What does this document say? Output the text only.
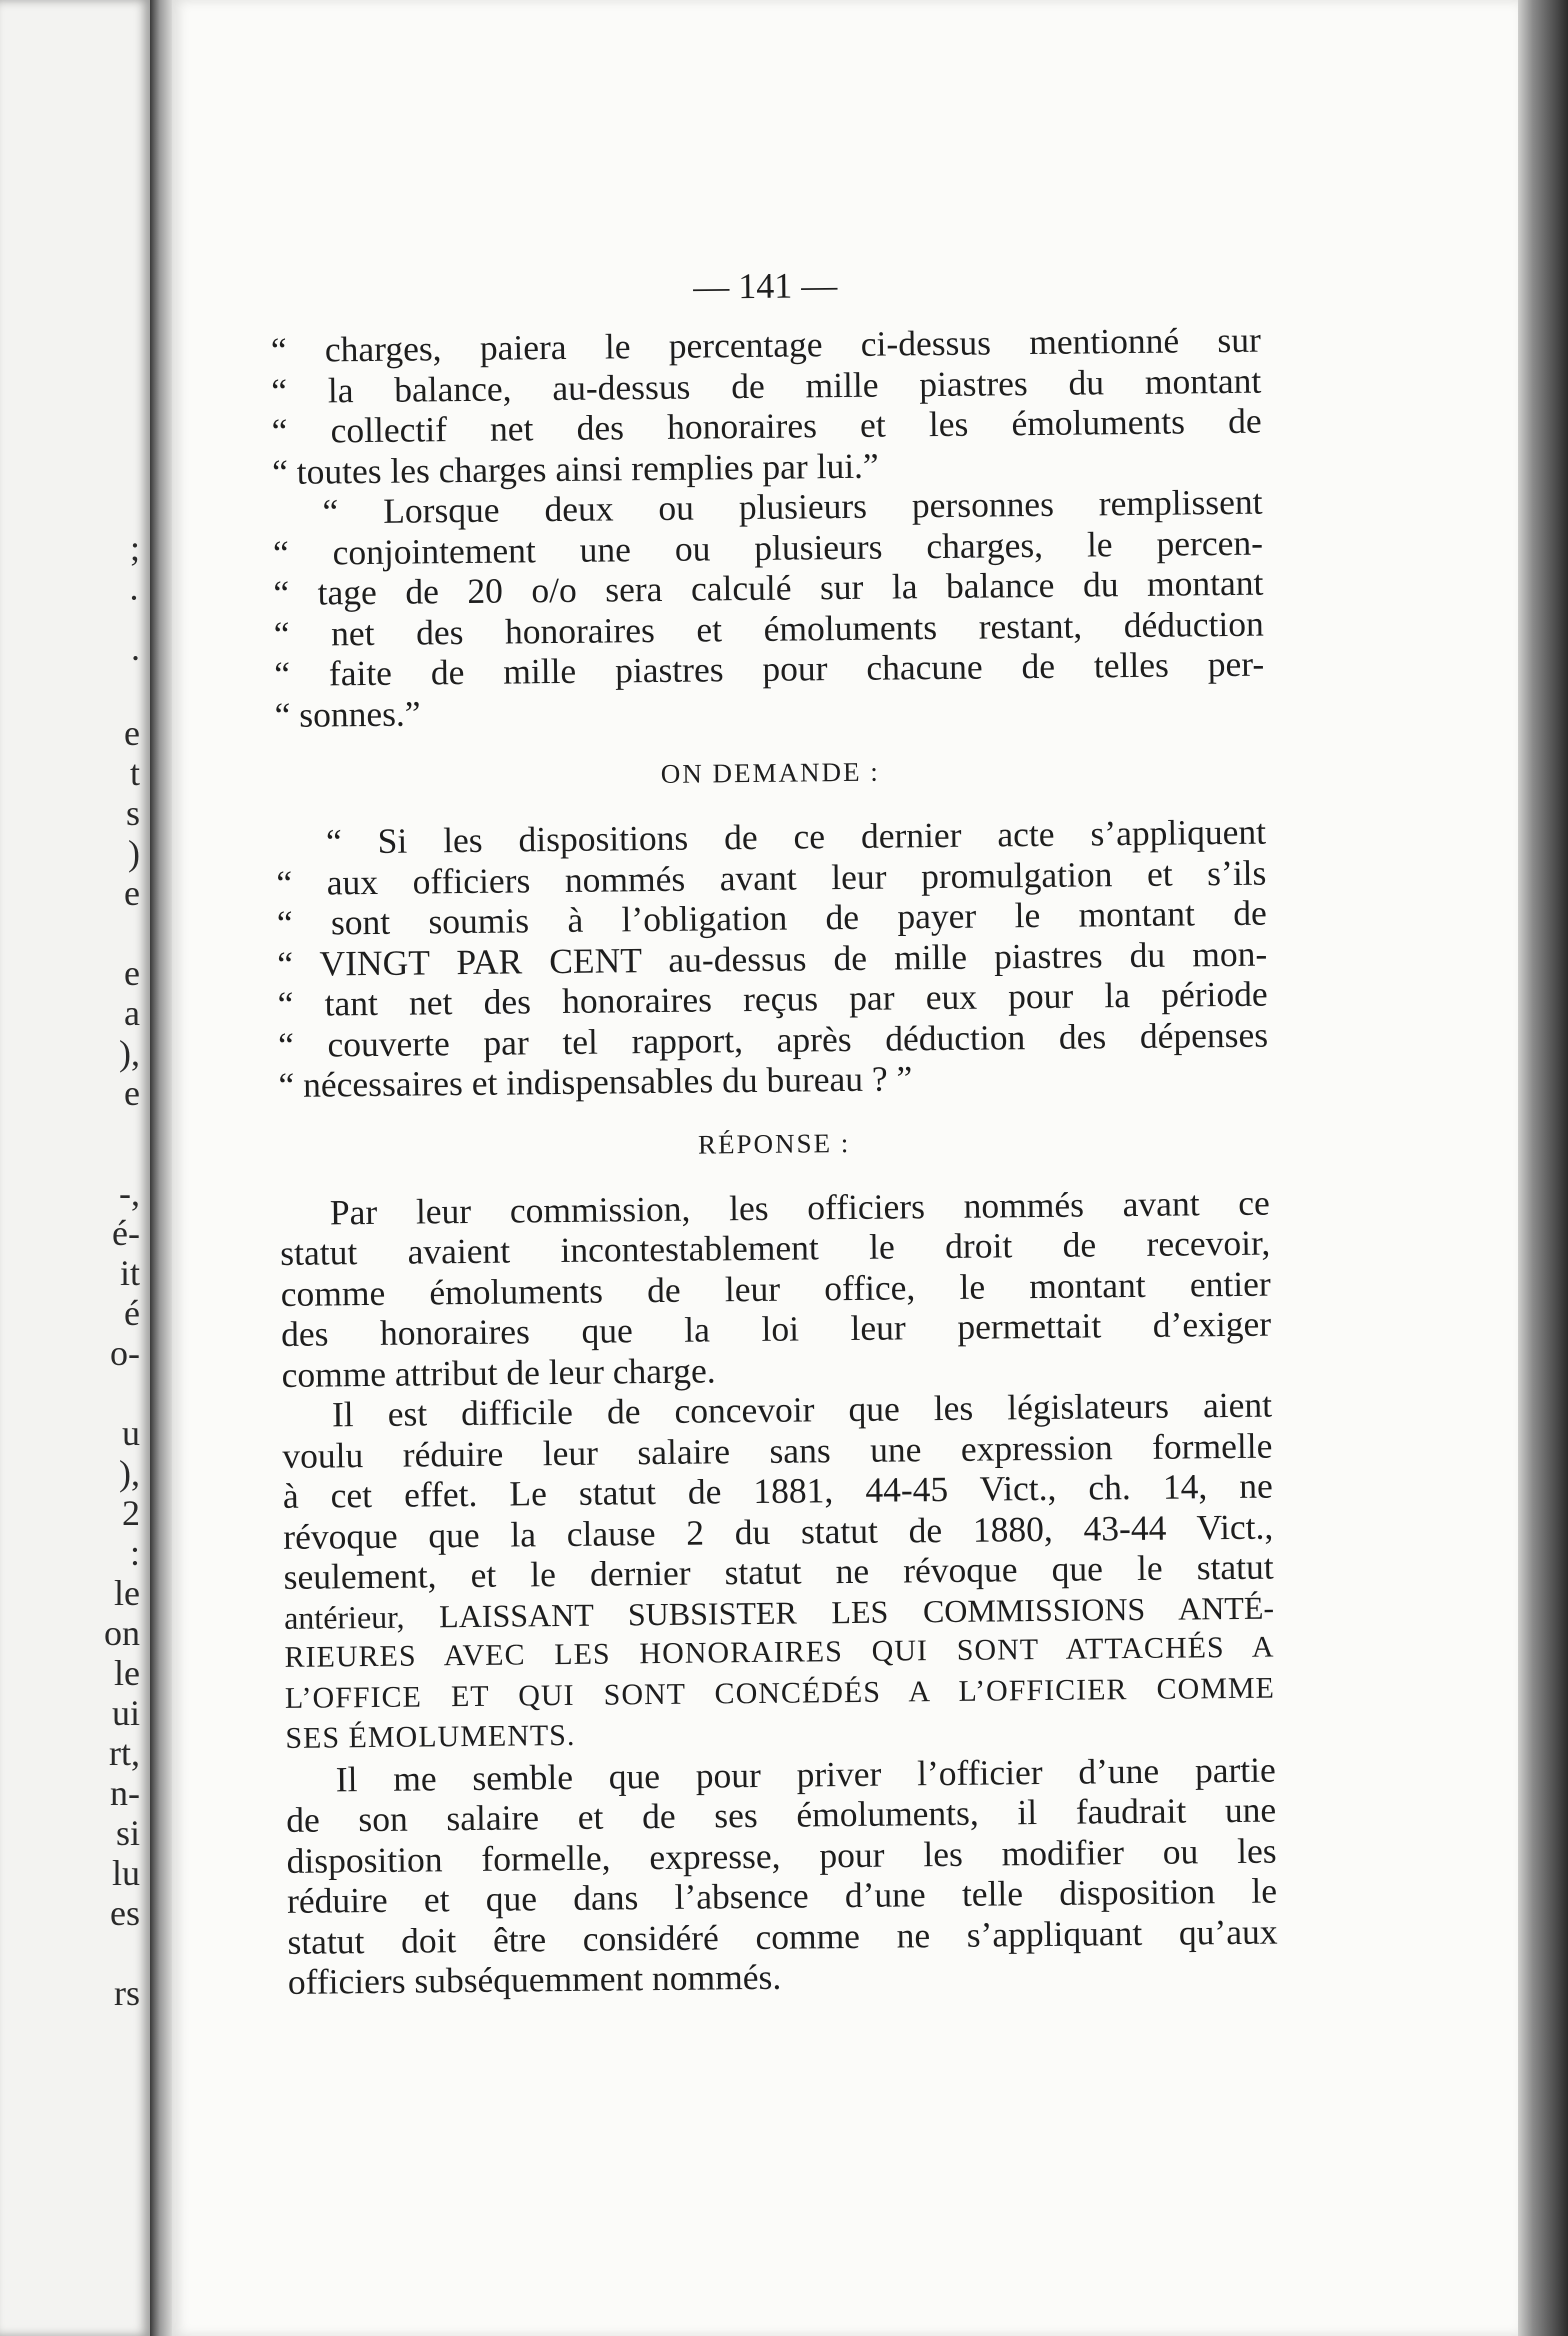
;
·
.
e
t
s
)
e
e
a
),
e
-,
é-
it
é
o-
u
),
2
:
le
on
le
ui
rt,
n-
si
lu
es
rs
— 141 —
“ charges, paiera le percentage ci-dessus mentionné sur
“ la balance, au-dessus de mille piastres du montant
“ collectif net des honoraires et les émoluments de
“ toutes les charges ainsi remplies par lui.”
“ Lorsque deux ou plusieurs personnes remplissent
“ conjointement une ou plusieurs charges, le percen-
“ tage de 20 o/o sera calculé sur la balance du montant
“ net des honoraires et émoluments restant, déduction
“ faite de mille piastres pour chacune de telles per-
“ sonnes.”
ON DEMANDE :
“ Si les dispositions de ce dernier acte s’appliquent
“ aux officiers nommés avant leur promulgation et s’ils
“ sont soumis à l’obligation de payer le montant de
“ VINGT PAR CENT au-dessus de mille piastres du mon-
“ tant net des honoraires reçus par eux pour la période
“ couverte par tel rapport, après déduction des dépenses
“ nécessaires et indispensables du bureau ? ”
RÉPONSE :
Par leur commission, les officiers nommés avant ce
statut avaient incontestablement le droit de recevoir,
comme émoluments de leur office, le montant entier
des honoraires que la loi leur permettait d’exiger
comme attribut de leur charge.
Il est difficile de concevoir que les législateurs aient
voulu réduire leur salaire sans une expression formelle
à cet effet. Le statut de 1881, 44-45 Vict., ch. 14, ne
révoque que la clause 2 du statut de 1880, 43-44 Vict.,
seulement, et le dernier statut ne révoque que le statut
antérieur, LAISSANT SUBSISTER LES COMMISSIONS ANTÉ-
RIEURES AVEC LES HONORAIRES QUI SONT ATTACHÉS A
L’OFFICE ET QUI SONT CONCÉDÉS A L’OFFICIER COMME
SES ÉMOLUMENTS.
Il me semble que pour priver l’officier d’une partie
de son salaire et de ses émoluments, il faudrait une
disposition formelle, expresse, pour les modifier ou les
réduire et que dans l’absence d’une telle disposition le
statut doit être considéré comme ne s’appliquant qu’aux
officiers subséquemment nommés.
